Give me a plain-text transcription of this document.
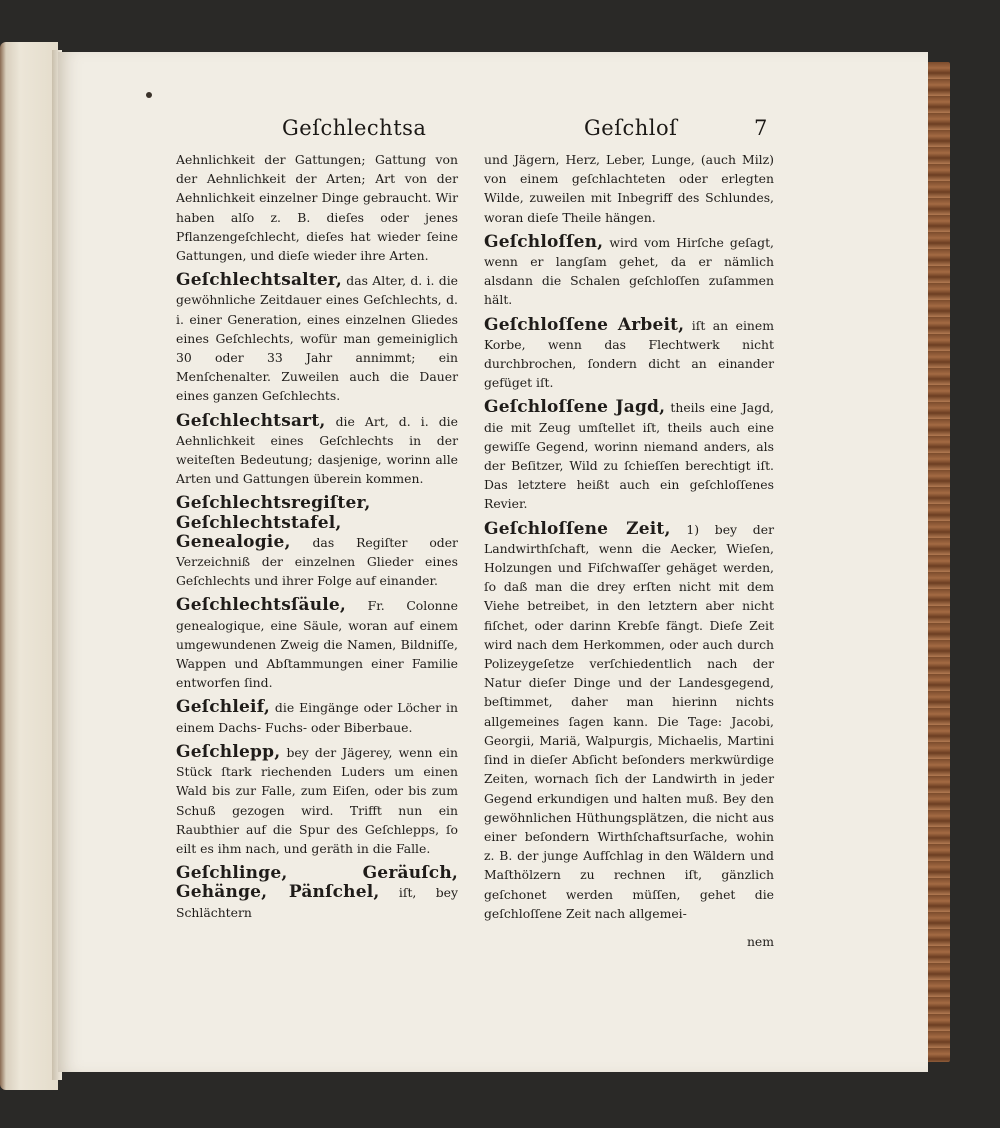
Geſchlechtsa	Geſchloſ	7

Aehnlichkeit der Gattungen; Gattung von der Aehnlichkeit der Arten; Art von der Aehnlichkeit einzelner Dinge gebraucht. Wir haben alſo z. B. dieſes oder jenes Pflanzengeſchlecht, dieſes hat wieder ſeine Gattungen, und dieſe wieder ihre Arten.

Geſchlechtsalter, das Alter, d. i. die gewöhnliche Zeitdauer eines Geſchlechts, d. i. einer Generation, eines einzelnen Gliedes eines Geſchlechts, wofür man gemeiniglich 30 oder 33 Jahr annimmt; ein Menſchenalter. Zuweilen auch die Dauer eines ganzen Geſchlechts.

Geſchlechtsart, die Art, d. i. die Aehnlichkeit eines Geſchlechts in der weiteſten Bedeutung; dasjenige, worinn alle Arten und Gattungen überein kommen.

Geſchlechtsregiſter, Geſchlechtstafel, Genealogie, das Regiſter oder Verzeichniß der einzelnen Glieder eines Geſchlechts und ihrer Folge auf einander.

Geſchlechtsſäule, Fr. Colonne genealogique, eine Säule, woran auf einem umgewundenen Zweig die Namen, Bildniſſe, Wappen und Abſtammungen einer Familie entworfen ſind.

Geſchleif, die Eingänge oder Löcher in einem Dachs- Fuchs- oder Biberbaue.

Geſchlepp, bey der Jägerey, wenn ein Stück ſtark riechenden Luders um einen Wald bis zur Falle, zum Eiſen, oder bis zum Schuß gezogen wird. Trifft nun ein Raubthier auf die Spur des Geſchlepps, ſo eilt es ihm nach, und geräth in die Falle.

Geſchlinge, Geräuſch, Gehänge, Pänſchel, iſt, bey Schlächtern

und Jägern, Herz, Leber, Lunge, (auch Milz) von einem geſchlachteten oder erlegten Wilde, zuweilen mit Inbegriff des Schlundes, woran dieſe Theile hängen.

Geſchloſſen, wird vom Hirſche geſagt, wenn er langſam gehet, da er nämlich alsdann die Schalen geſchloſſen zuſammen hält.

Geſchloſſene Arbeit, iſt an einem Korbe, wenn das Flechtwerk nicht durchbrochen, ſondern dicht an einander gefüget iſt.

Geſchloſſene Jagd, theils eine Jagd, die mit Zeug umſtellet iſt, theils auch eine gewiſſe Gegend, worinn niemand anders, als der Beſitzer, Wild zu ſchieſſen berechtigt iſt. Das letztere heißt auch ein geſchloſſenes Revier.

Geſchloſſene Zeit, 1) bey der Landwirthſchaft, wenn die Aecker, Wieſen, Holzungen und Fiſchwaſſer gehäget werden, ſo daß man die drey erſten nicht mit dem Viehe betreibet, in den letztern aber nicht fiſchet, oder darinn Krebſe fängt. Dieſe Zeit wird nach dem Herkommen, oder auch durch Polizeygeſetze verſchiedentlich nach der Natur dieſer Dinge und der Landesgegend, beſtimmet, daher man hierinn nichts allgemeines ſagen kann. Die Tage: Jacobi, Georgii, Mariä, Walpurgis, Michaelis, Martini ſind in dieſer Abſicht beſonders merkwürdige Zeiten, wornach ſich der Landwirth in jeder Gegend erkundigen und halten muß. Bey den gewöhnlichen Hüthungsplätzen, die nicht aus einer beſondern Wirthſchaftsurſache, wohin z. B. der junge Aufſchlag in den Wäldern und Maſthölzern zu rechnen iſt, gänzlich geſchonet werden müſſen, gehet die geſchloſſene Zeit nach allgemei-

nem
